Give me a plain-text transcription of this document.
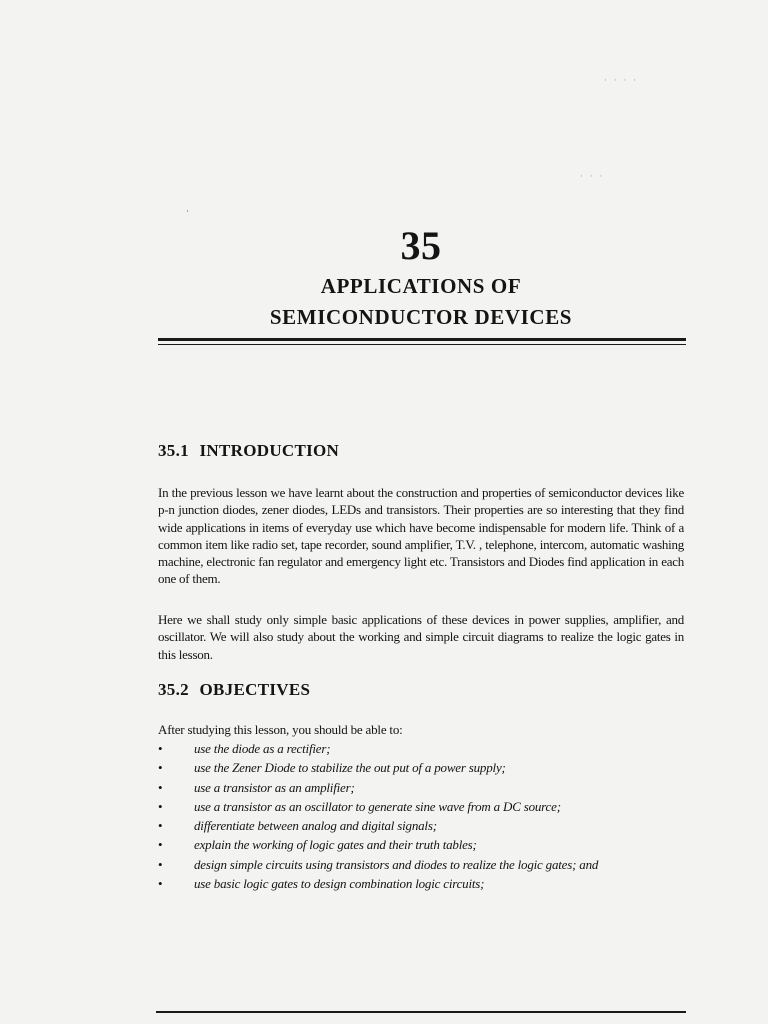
· · · ·
· · ·
·
35
APPLICATIONS OF
SEMICONDUCTOR DEVICES
35.1 INTRODUCTION
In the previous lesson we have learnt about the construction and properties of semiconductor devices like p-n junction diodes, zener diodes, LEDs and transistors. Their properties are so interesting that they find wide applications in items of everyday use which have become indispensable for modern life. Think of a common item like radio set, tape recorder, sound amplifier, T.V. , telephone, intercom, automatic washing machine, electronic fan regulator and emergency light etc. Transistors and Diodes find application in each one of them.
Here we shall study only simple basic applications of these devices in power supplies, amplifier, and oscillator. We will also study about the working and simple circuit diagrams to realize the logic gates in this lesson.
35.2 OBJECTIVES
After studying this lesson, you should be able to:
• use the diode as a rectifier;
• use the Zener Diode to stabilize the out put of a power supply;
• use a transistor as an amplifier;
• use a transistor as an oscillator to generate sine wave from a DC source;
• differentiate between analog and digital signals;
• explain the working of logic gates and their truth tables;
• design simple circuits using transistors and diodes to realize the logic gates; and
• use basic logic gates to design combination logic circuits;
